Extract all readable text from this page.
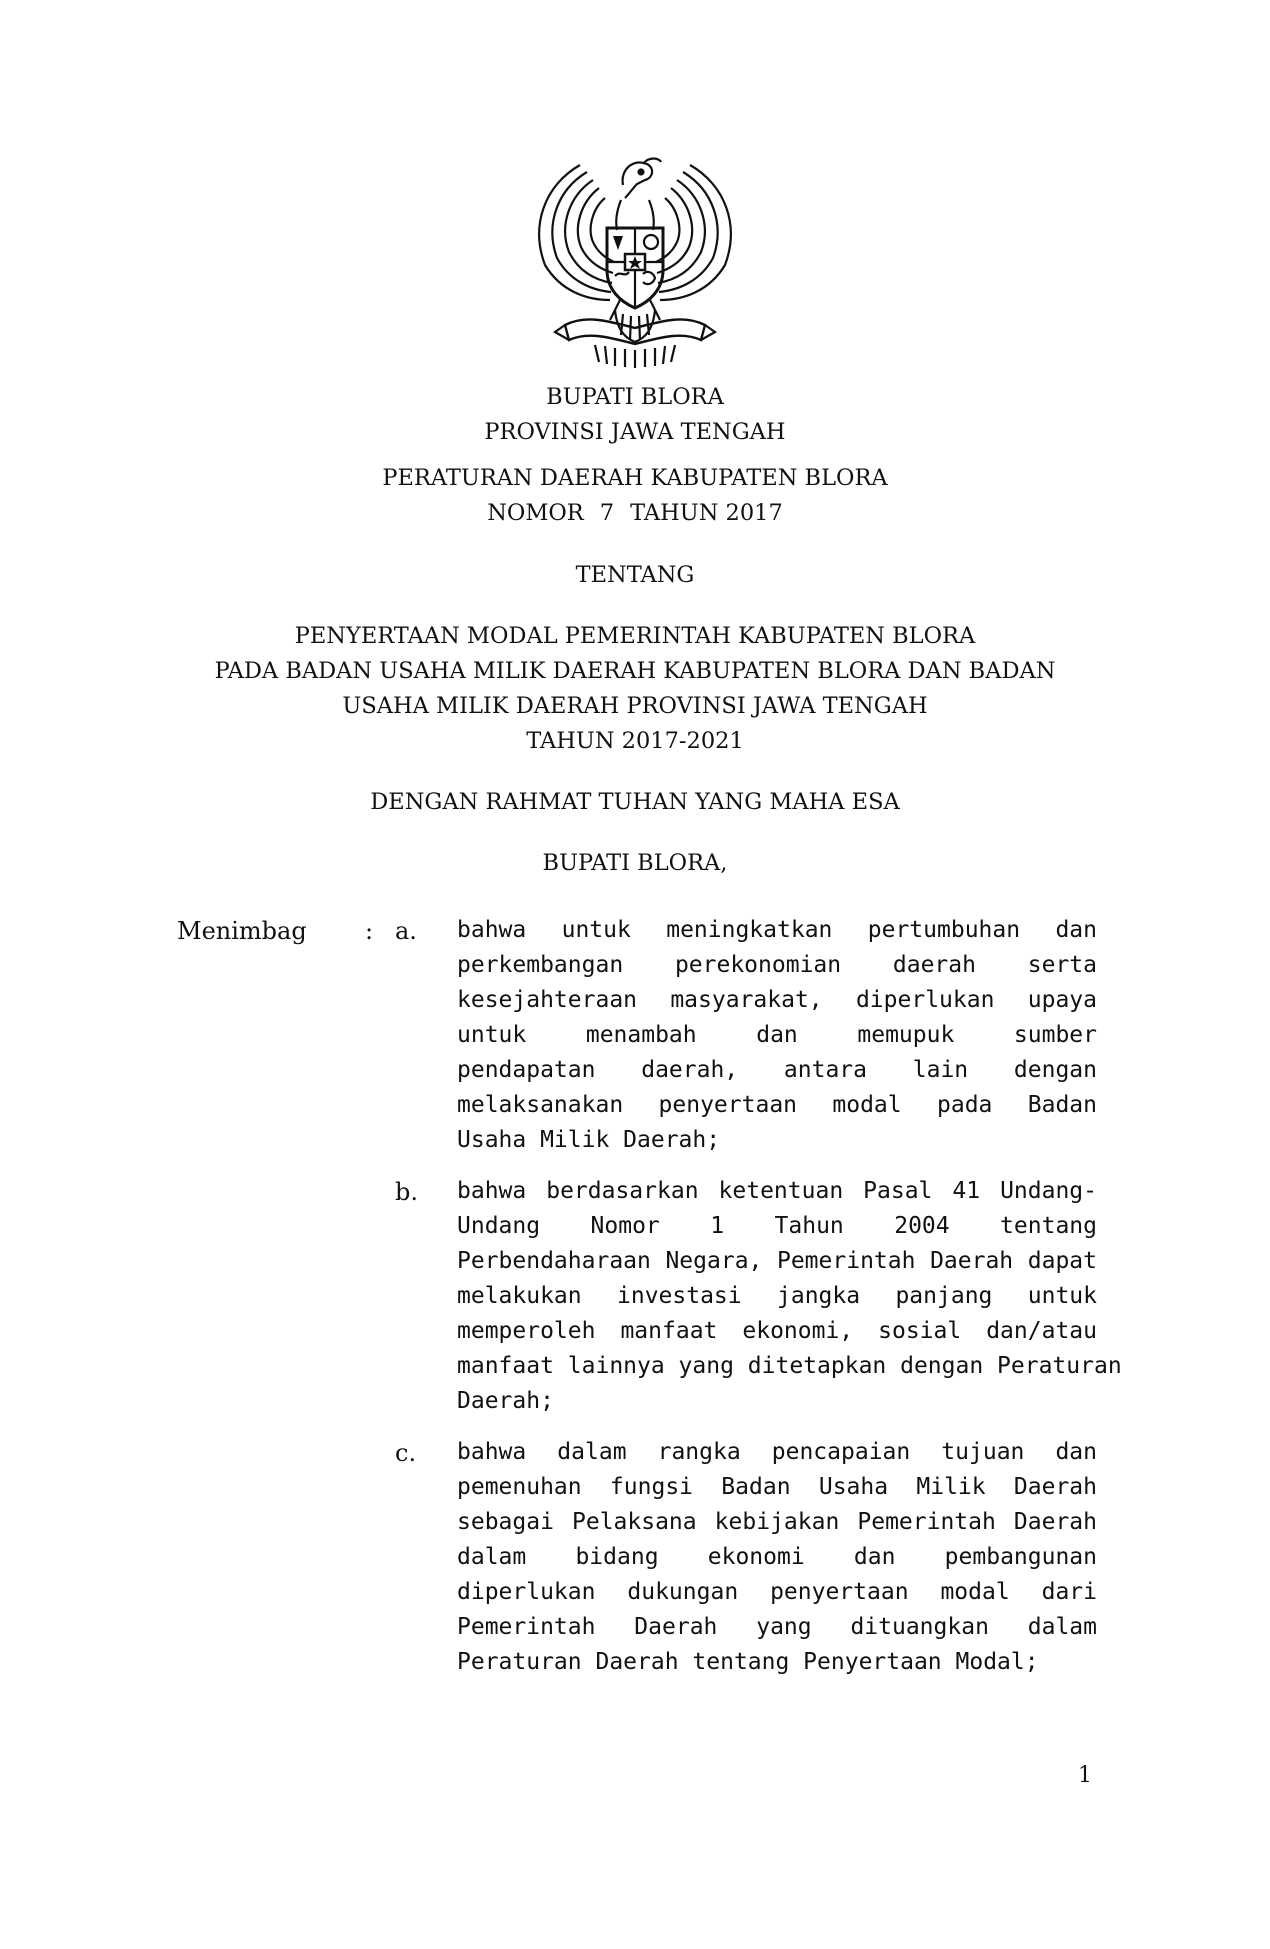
BUPATI BLORA
PROVINSI JAWA TENGAH
PERATURAN DAERAH KABUPATEN BLORA
NOMOR 7 TAHUN 2017
TENTANG
PENYERTAAN MODAL PEMERINTAH KABUPATEN BLORA
PADA BADAN USAHA MILIK DAERAH KABUPATEN BLORA DAN BADAN
USAHA MILIK DAERAH PROVINSI JAWA TENGAH
TAHUN 2017-2021
DENGAN RAHMAT TUHAN YANG MAHA ESA
BUPATI BLORA,
Menimbag : a. bahwa untuk meningkatkan pertumbuhan dan
perkembangan perekonomian daerah serta
kesejahteraan masyarakat, diperlukan upaya
untuk menambah dan memupuk sumber
pendapatan daerah, antara lain dengan
melaksanakan penyertaan modal pada Badan
Usaha Milik Daerah;
b. bahwa berdasarkan ketentuan Pasal 41 Undang-
Undang Nomor 1 Tahun 2004 tentang
Perbendaharaan Negara, Pemerintah Daerah dapat
melakukan investasi jangka panjang untuk
memperoleh manfaat ekonomi, sosial dan/atau
manfaat lainnya yang ditetapkan dengan Peraturan
Daerah;
c. bahwa dalam rangka pencapaian tujuan dan
pemenuhan fungsi Badan Usaha Milik Daerah
sebagai Pelaksana kebijakan Pemerintah Daerah
dalam bidang ekonomi dan pembangunan
diperlukan dukungan penyertaan modal dari
Pemerintah Daerah yang dituangkan dalam
Peraturan Daerah tentang Penyertaan Modal;
1
